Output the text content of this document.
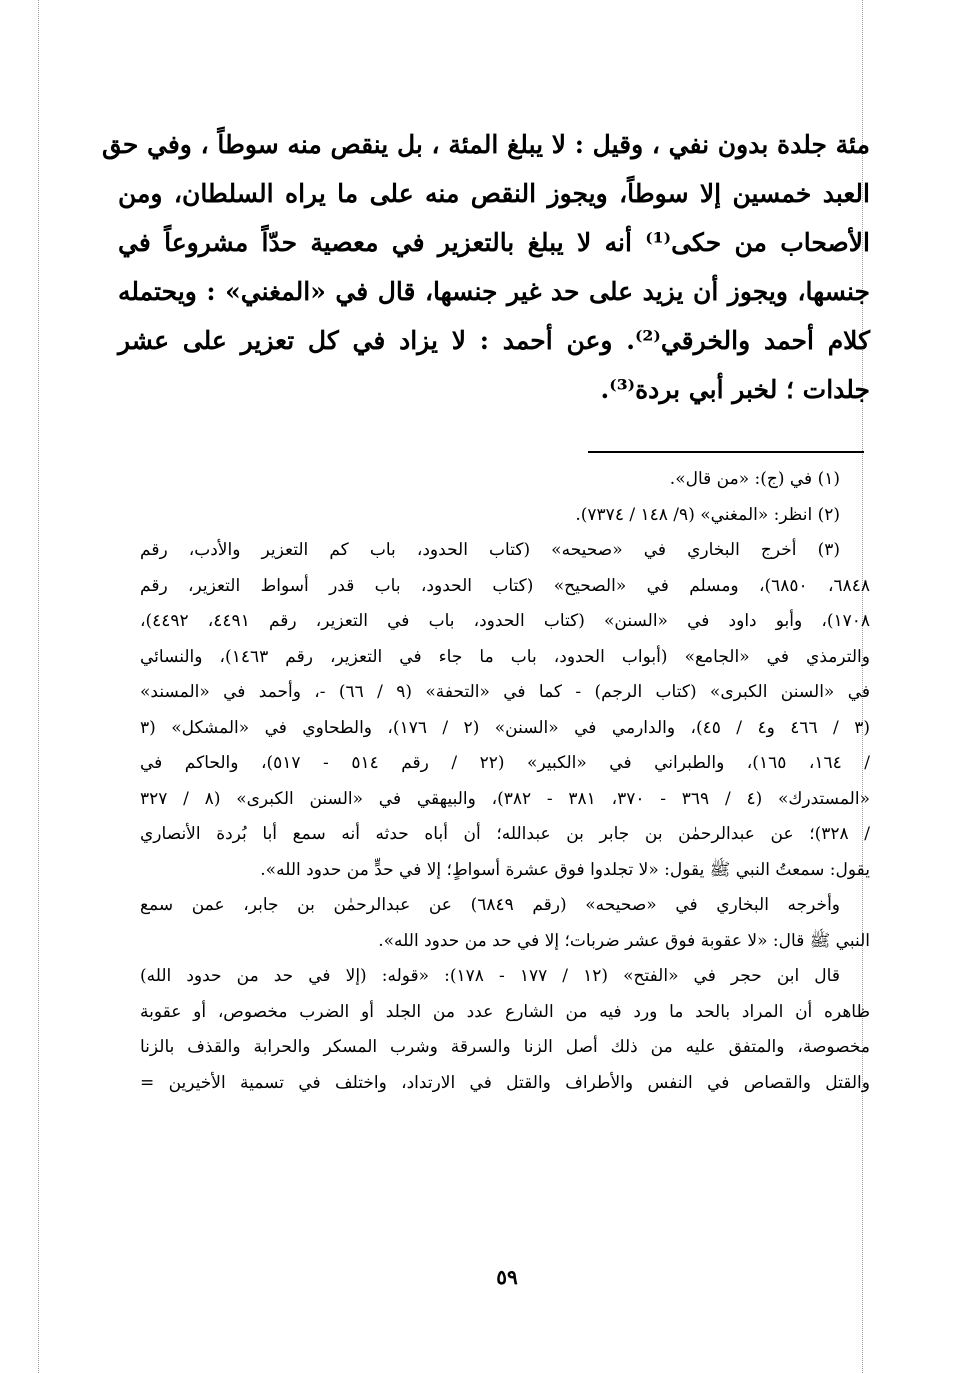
مئة جلدة بدون نفي ، وقيل : لا يبلغ المئة ، بل ينقص منه سوطاً ، وفي حق
العبد خمسين إلا سوطاً، ويجوز النقص منه على ما يراه السلطان، ومن
الأصحاب من حكى⁽¹⁾ أنه لا يبلغ بالتعزير في معصية حدّاً مشروعاً في
جنسها، ويجوز أن يزيد على حد غير جنسها، قال في «المغني» : ويحتمله
كلام أحمد والخرقي⁽²⁾. وعن أحمد : لا يزاد في كل تعزير على عشر
جلدات ؛ لخبر أبي بردة⁽³⁾.
(١) في (ج): «من قال».
(٢) انظر: «المغني» (٩/ ١٤٨ / ٧٣٧٤).
(٣) أخرج البخاري في «صحيحه» (كتاب الحدود، باب كم التعزير والأدب، رقم
٦٨٤٨، ٦٨٥٠)، ومسلم في «الصحيح» (كتاب الحدود، باب قدر أسواط التعزير، رقم
١٧٠٨)، وأبو داود في «السنن» (كتاب الحدود، باب في التعزير، رقم ٤٤٩١، ٤٤٩٢)،
والترمذي في «الجامع» (أبواب الحدود، باب ما جاء في التعزير، رقم ١٤٦٣)، والنسائي
في «السنن الكبرى» (كتاب الرجم) - كما في «التحفة» (٩ / ٦٦) -، وأحمد في «المسند»
(٣ / ٤٦٦ و٤ / ٤٥)، والدارمي في «السنن» (٢ / ١٧٦)، والطحاوي في «المشكل» (٣
/ ١٦٤، ١٦٥)، والطبراني في «الكبير» (٢٢ / رقم ٥١٤ - ٥١٧)، والحاكم في
«المستدرك» (٤ / ٣٦٩ - ٣٧٠، ٣٨١ - ٣٨٢)، والبيهقي في «السنن الكبرى» (٨ / ٣٢٧
/ ٣٢٨)؛ عن عبدالرحمٰن بن جابر بن عبدالله؛ أن أباه حدثه أنه سمع أبا بُردة الأنصاري
يقول: سمعتُ النبي ﷺ يقول: «لا تجلدوا فوق عشرة أسواطٍ؛ إلا في حدٍّ من حدود الله».
وأخرجه البخاري في «صحيحه» (رقم ٦٨٤٩) عن عبدالرحمٰن بن جابر، عمن سمع
النبي ﷺ قال: «لا عقوبة فوق عشر ضربات؛ إلا في حد من حدود الله».
قال ابن حجر في «الفتح» (١٢ / ١٧٧ - ١٧٨): «قوله: (إلا في حد من حدود الله)
ظاهره أن المراد بالحد ما ورد فيه من الشارع عدد من الجلد أو الضرب مخصوص، أو عقوبة
مخصوصة، والمتفق عليه من ذلك أصل الزنا والسرقة وشرب المسكر والحرابة والقذف بالزنا
والقتل والقصاص في النفس والأطراف والقتل في الارتداد، واختلف في تسمية الأخيرين =
٥٩
